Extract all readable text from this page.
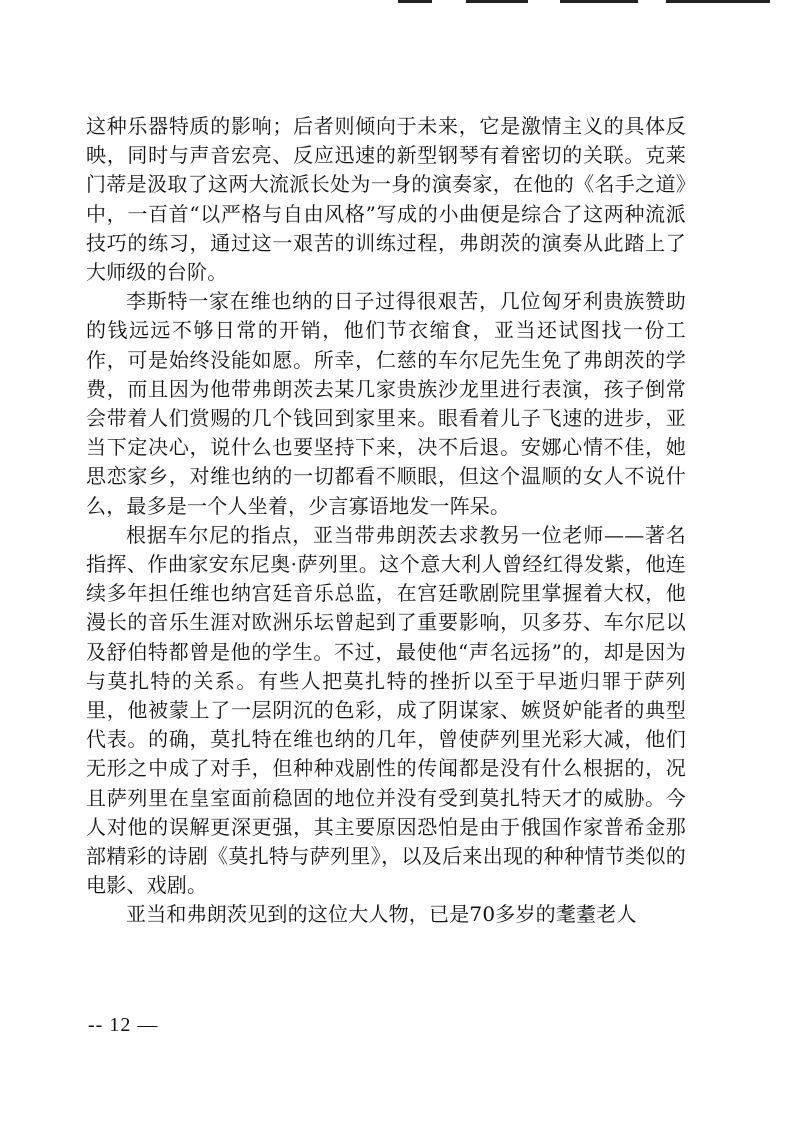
这种乐器特质的影响；后者则倾向于未来，它是激情主义的具体反映，同时与声音宏亮、反应迅速的新型钢琴有着密切的关联。克莱门蒂是汲取了这两大流派长处为一身的演奏家，在他的《名手之道》中，一百首“以严格与自由风格”写成的小曲便是综合了这两种流派技巧的练习，通过这一艰苦的训练过程，弗朗茨的演奏从此踏上了大师级的台阶。

李斯特一家在维也纳的日子过得很艰苦，几位匈牙利贵族赞助的钱远远不够日常的开销，他们节衣缩食，亚当还试图找一份工作，可是始终没能如愿。所幸，仁慈的车尔尼先生免了弗朗茨的学费，而且因为他带弗朗茨去某几家贵族沙龙里进行表演，孩子倒常会带着人们赏赐的几个钱回到家里来。眼看着儿子飞速的进步，亚当下定决心，说什么也要坚持下来，决不后退。安娜心情不佳，她思恋家乡，对维也纳的一切都看不顺眼，但这个温顺的女人不说什么，最多是一个人坐着，少言寡语地发一阵呆。

根据车尔尼的指点，亚当带弗朗茨去求教另一位老师——著名指挥、作曲家安东尼奥·萨列里。这个意大利人曾经红得发紫，他连续多年担任维也纳宫廷音乐总监，在宫廷歌剧院里掌握着大权，他漫长的音乐生涯对欧洲乐坛曾起到了重要影响，贝多芬、车尔尼以及舒伯特都曾是他的学生。不过，最使他“声名远扬”的，却是因为与莫扎特的关系。有些人把莫扎特的挫折以至于早逝归罪于萨列里，他被蒙上了一层阴沉的色彩，成了阴谋家、嫉贤妒能者的典型代表。的确，莫扎特在维也纳的几年，曾使萨列里光彩大减，他们无形之中成了对手，但种种戏剧性的传闻都是没有什么根据的，况且萨列里在皇室面前稳固的地位并没有受到莫扎特天才的威胁。今人对他的误解更深更强，其主要原因恐怕是由于俄国作家普希金那部精彩的诗剧《莫扎特与萨列里》，以及后来出现的种种情节类似的电影、戏剧。

亚当和弗朗茨见到的这位大人物，已是70多岁的耄耋老人

-- 12 —
